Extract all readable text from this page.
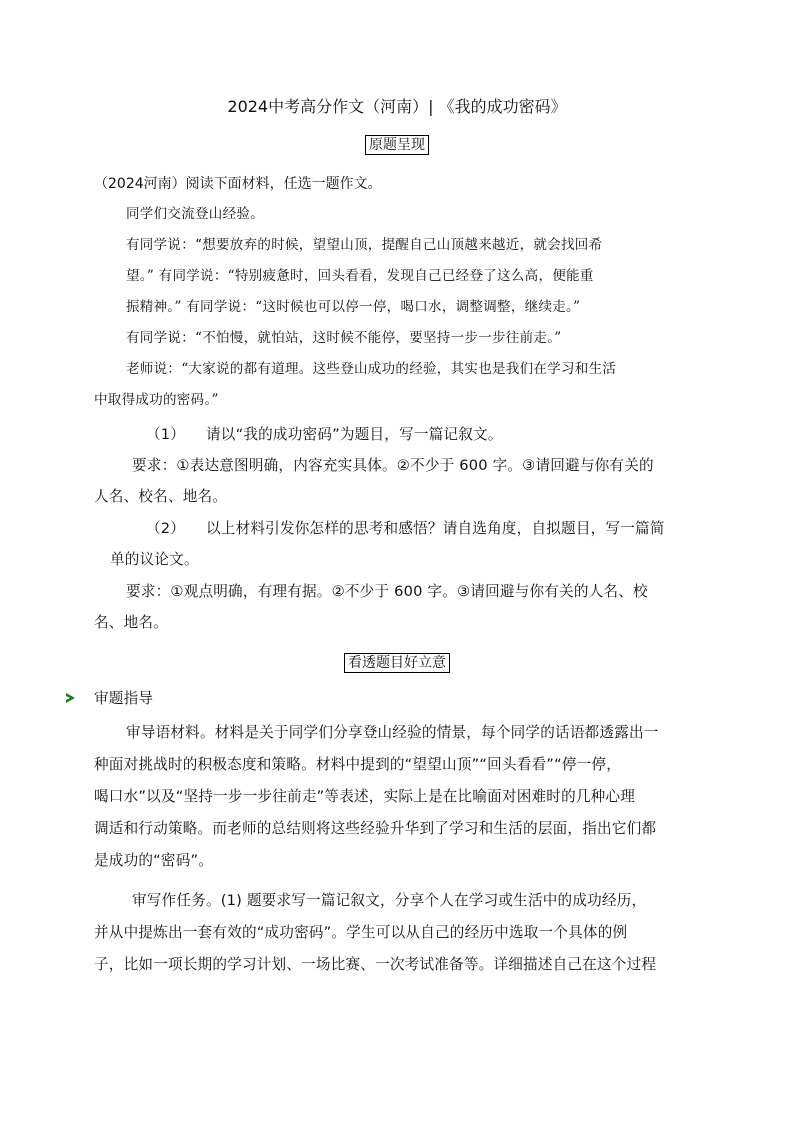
2024中考高分作文（河南）| 《我的成功密码》
原题呈现
（2024河南）阅读下面材料，任选一题作文。
同学们交流登山经验。
有同学说：“想要放弃的时候，望望山顶，提醒自己山顶越来越近，就会找回希
望。” 有同学说：“特别疲惫时，回头看看，发现自己已经登了这么高，便能重
振精神。” 有同学说：“这时候也可以停一停，喝口水，调整调整，继续走。”
有同学说：“不怕慢，就怕站，这时候不能停，要坚持一步一步往前走。”
老师说：“大家说的都有道理。这些登山成功的经验，其实也是我们在学习和生活
中取得成功的密码。”
（1） 请以“我的成功密码”为题目，写一篇记叙文。
要求：①表达意图明确，内容充实具体。②不少于 600 字。③请回避与你有关的
人名、校名、地名。
（2） 以上材料引发你怎样的思考和感悟？请自选角度，自拟题目，写一篇简
单的议论文。
要求：①观点明确，有理有据。②不少于 600 字。③请回避与你有关的人名、校
名、地名。
看透题目好立意
审题指导
审导语材料。材料是关于同学们分享登山经验的情景，每个同学的话语都透露出一
种面对挑战时的积极态度和策略。材料中提到的“望望山顶”“回头看看”“停一停，
喝口水”以及“坚持一步一步往前走”等表述，实际上是在比喻面对困难时的几种心理
调适和行动策略。而老师的总结则将这些经验升华到了学习和生活的层面，指出它们都
是成功的“密码”。
审写作任务。(1) 题要求写一篇记叙文，分享个人在学习或生活中的成功经历，
并从中提炼出一套有效的“成功密码”。学生可以从自己的经历中选取一个具体的例
子，比如一项长期的学习计划、一场比赛、一次考试准备等。详细描述自己在这个过程
